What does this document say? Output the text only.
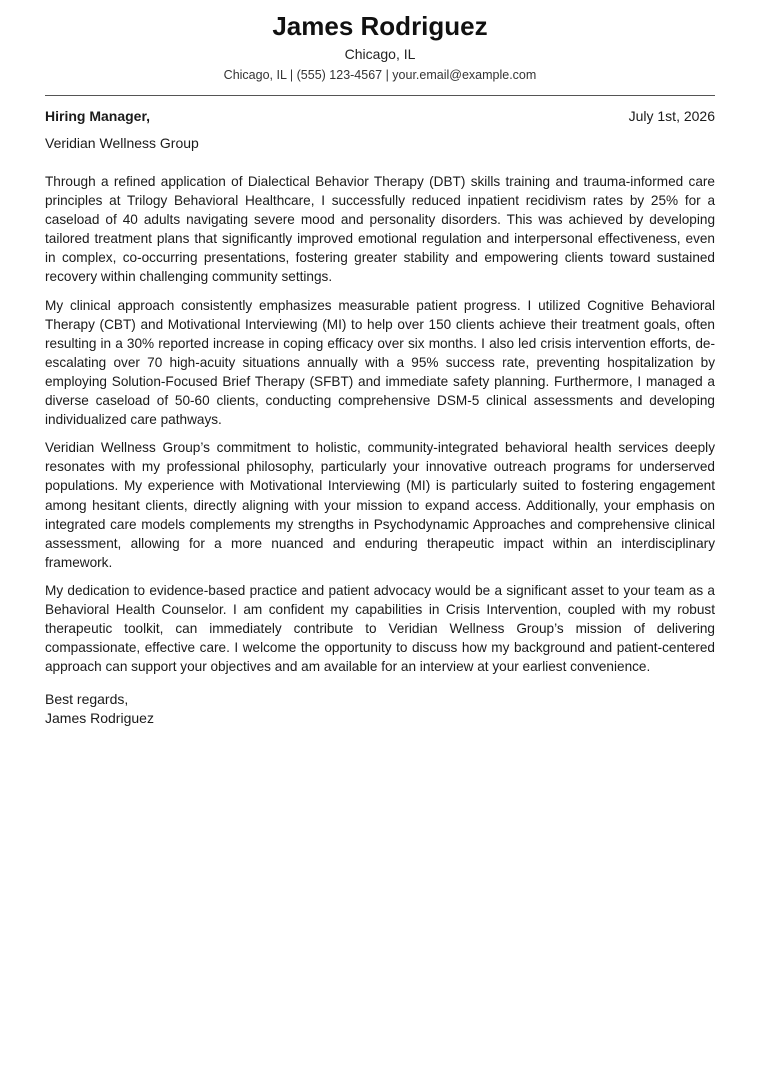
James Rodriguez
Chicago, IL
Chicago, IL | (555) 123-4567 | your.email@example.com
Hiring Manager,	July 1st, 2026
Veridian Wellness Group

Through a refined application of Dialectical Behavior Therapy (DBT) skills training and trauma-informed care principles at Trilogy Behavioral Healthcare, I successfully reduced inpatient recidivism rates by 25% for a caseload of 40 adults navigating severe mood and personality disorders. This was achieved by developing tailored treatment plans that significantly improved emotional regulation and interpersonal effectiveness, even in complex, co-occurring presentations, fostering greater stability and empowering clients toward sustained recovery within challenging community settings.

My clinical approach consistently emphasizes measurable patient progress. I utilized Cognitive Behavioral Therapy (CBT) and Motivational Interviewing (MI) to help over 150 clients achieve their treatment goals, often resulting in a 30% reported increase in coping efficacy over six months. I also led crisis intervention efforts, de-escalating over 70 high-acuity situations annually with a 95% success rate, preventing hospitalization by employing Solution-Focused Brief Therapy (SFBT) and immediate safety planning. Furthermore, I managed a diverse caseload of 50-60 clients, conducting comprehensive DSM-5 clinical assessments and developing individualized care pathways.

Veridian Wellness Group’s commitment to holistic, community-integrated behavioral health services deeply resonates with my professional philosophy, particularly your innovative outreach programs for underserved populations. My experience with Motivational Interviewing (MI) is particularly suited to fostering engagement among hesitant clients, directly aligning with your mission to expand access. Additionally, your emphasis on integrated care models complements my strengths in Psychodynamic Approaches and comprehensive clinical assessment, allowing for a more nuanced and enduring therapeutic impact within an interdisciplinary framework.

My dedication to evidence-based practice and patient advocacy would be a significant asset to your team as a Behavioral Health Counselor. I am confident my capabilities in Crisis Intervention, coupled with my robust therapeutic toolkit, can immediately contribute to Veridian Wellness Group’s mission of delivering compassionate, effective care. I welcome the opportunity to discuss how my background and patient-centered approach can support your objectives and am available for an interview at your earliest convenience.

Best regards,
James Rodriguez
